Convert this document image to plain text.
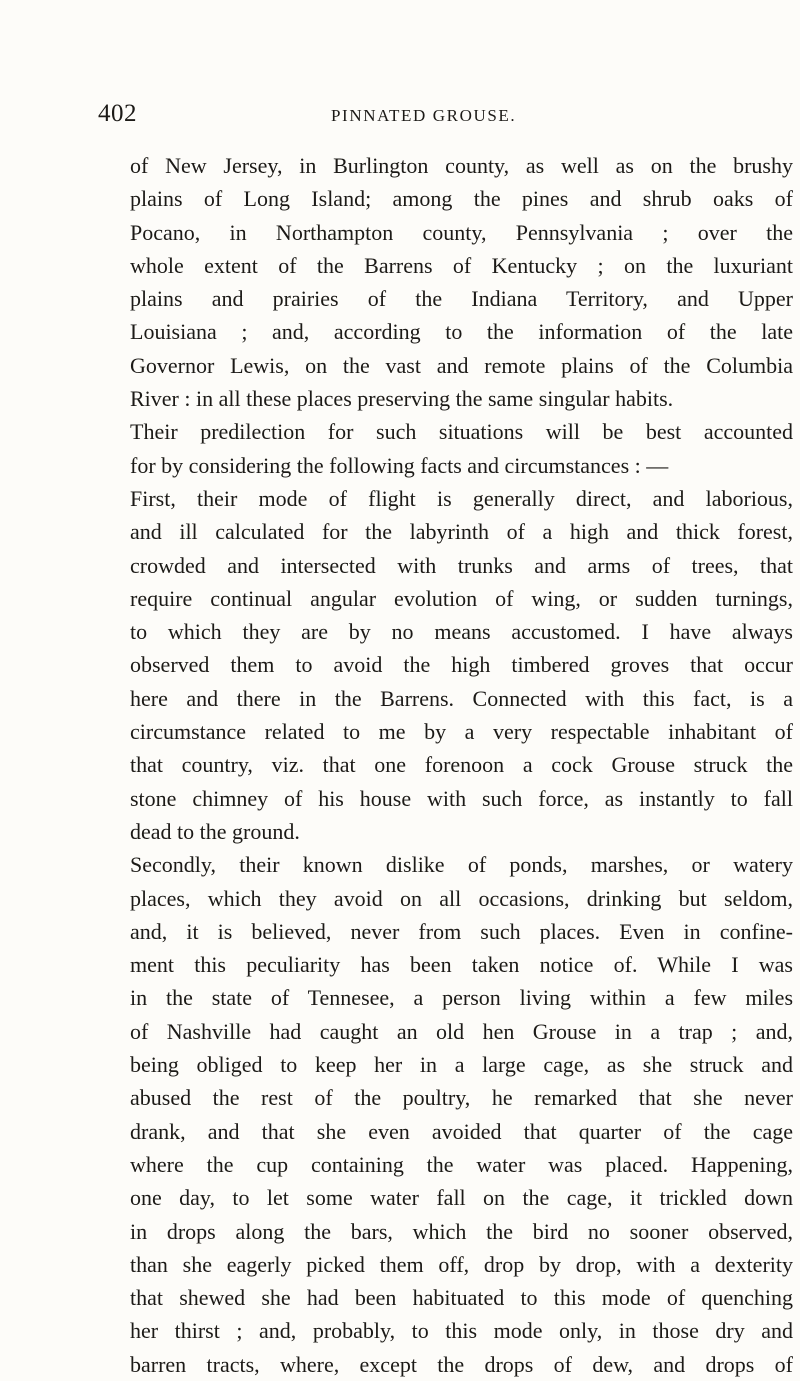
402	PINNATED GROUSE.
of New Jersey, in Burlington county, as well as on the brushy
plains of Long Island; among the pines and shrub oaks of
Pocano, in Northampton county, Pennsylvania ; over the
whole extent of the Barrens of Kentucky ; on the luxuriant
plains and prairies of the Indiana Territory, and Upper
Louisiana ; and, according to the information of the late
Governor Lewis, on the vast and remote plains of the Columbia
River : in all these places preserving the same singular habits.
Their predilection for such situations will be best accounted
for by considering the following facts and circumstances : —
First, their mode of flight is generally direct, and laborious,
and ill calculated for the labyrinth of a high and thick forest,
crowded and intersected with trunks and arms of trees, that
require continual angular evolution of wing, or sudden turnings,
to which they are by no means accustomed. I have always
observed them to avoid the high timbered groves that occur
here and there in the Barrens. Connected with this fact, is a
circumstance related to me by a very respectable inhabitant of
that country, viz. that one forenoon a cock Grouse struck the
stone chimney of his house with such force, as instantly to fall
dead to the ground.
Secondly, their known dislike of ponds, marshes, or watery
places, which they avoid on all occasions, drinking but seldom,
and, it is believed, never from such places. Even in confine-
ment this peculiarity has been taken notice of. While I was
in the state of Tennesee, a person living within a few miles
of Nashville had caught an old hen Grouse in a trap ; and,
being obliged to keep her in a large cage, as she struck and
abused the rest of the poultry, he remarked that she never
drank, and that she even avoided that quarter of the cage
where the cup containing the water was placed. Happening,
one day, to let some water fall on the cage, it trickled down
in drops along the bars, which the bird no sooner observed,
than she eagerly picked them off, drop by drop, with a dexterity
that shewed she had been habituated to this mode of quenching
her thirst ; and, probably, to this mode only, in those dry and
barren tracts, where, except the drops of dew, and drops of
